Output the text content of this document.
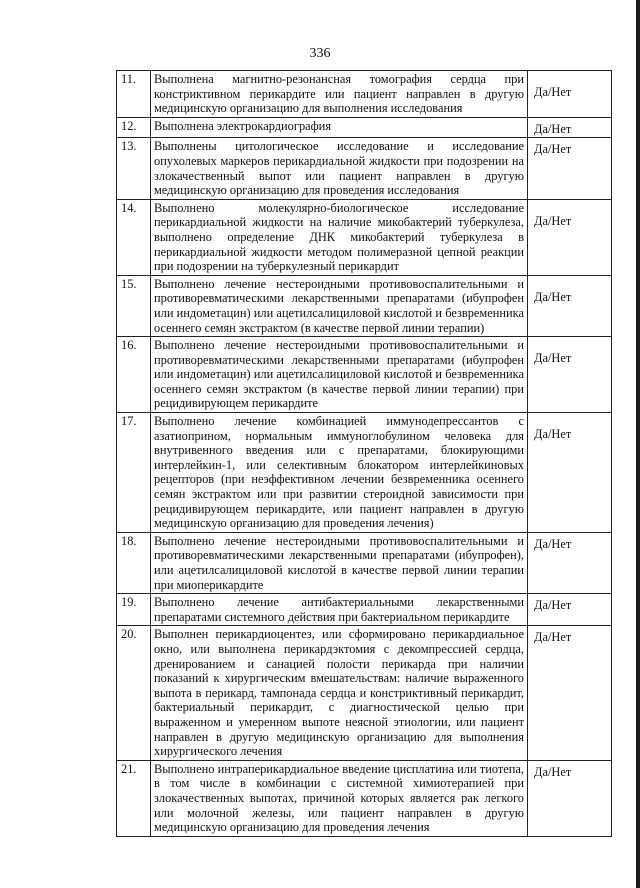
336
11.	Выполнена магнитно-резонансная томография сердца при констриктивном перикардите или пациент направлен в другую медицинскую организацию для выполнения исследования	Да/Нет
12.	Выполнена электрокардиография	Да/Нет
13.	Выполнены цитологическое исследование и исследование опухолевых маркеров перикардиальной жидкости при подозрении на злокачественный выпот или пациент направлен в другую медицинскую организацию для проведения исследования	Да/Нет
14.	Выполнено молекулярно-биологическое исследование перикардиальной жидкости на наличие микобактерий туберкулеза, выполнено определение ДНК микобактерий туберкулеза в перикардиальной жидкости методом полимеразной цепной реакции при подозрении на туберкулезный перикардит	Да/Нет
15.	Выполнено лечение нестероидными противовоспалительными и противоревматическими лекарственными препаратами (ибупрофен или индометацин) или ацетилсалициловой кислотой и безвременника осеннего семян экстрактом (в качестве первой линии терапии)	Да/Нет
16.	Выполнено лечение нестероидными противовоспалительными и противоревматическими лекарственными препаратами (ибупрофен или индометацин) или ацетилсалициловой кислотой и безвременника осеннего семян экстрактом (в качестве первой линии терапии) при рецидивирующем перикардите	Да/Нет
17.	Выполнено лечение комбинацией иммунодепрессантов с азатиоприном, нормальным иммуноглобулином человека для внутривенного введения или с препаратами, блокирующими интерлейкин-1, или селективным блокатором интерлейкиновых рецепторов (при неэффективном лечении безвременника осеннего семян экстрактом или при развитии стероидной зависимости при рецидивирующем перикардите, или пациент направлен в другую медицинскую организацию для проведения лечения)	Да/Нет
18.	Выполнено лечение нестероидными противовоспалительными и противоревматическими лекарственными препаратами (ибупрофен), или ацетилсалициловой кислотой в качестве первой линии терапии при миоперикардите	Да/Нет
19.	Выполнено лечение антибактериальными лекарственными препаратами системного действия при бактериальном перикардите	Да/Нет
20.	Выполнен перикардиоцентез, или сформировано перикардиальное окно, или выполнена перикардэктомия с декомпрессией сердца, дренированием и санацией полости перикарда при наличии показаний к хирургическим вмешательствам: наличие выраженного выпота в перикард, тампонада сердца и констриктивный перикардит, бактериальный перикардит, с диагностической целью при выраженном и умеренном выпоте неясной этиологии, или пациент направлен в другую медицинскую организацию для выполнения хирургического лечения	Да/Нет
21.	Выполнено интраперикардиальное введение цисплатина или тиотепа, в том числе в комбинации с системной химиотерапией при злокачественных выпотах, причиной которых является рак легкого или молочной железы, или пациент направлен в другую медицинскую организацию для проведения лечения	Да/Нет
